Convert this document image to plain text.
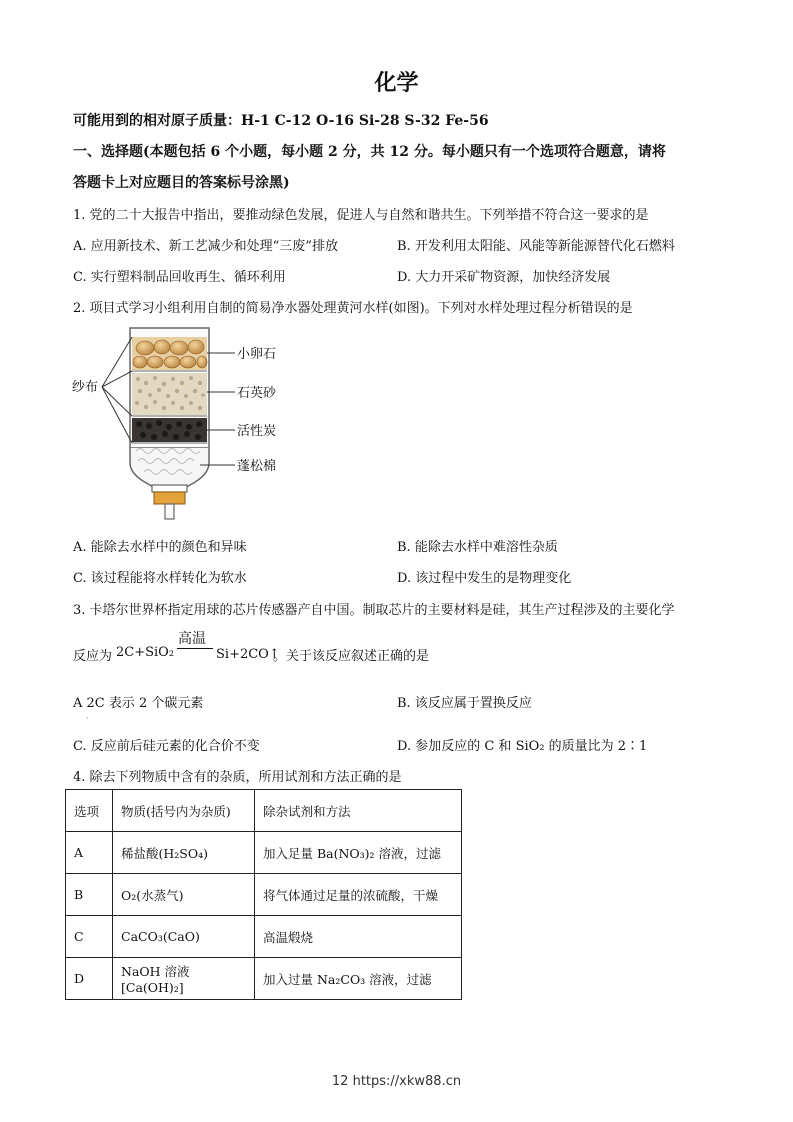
化学
可能用到的相对原子质量：H-1 C-12 O-16 Si-28 S-32 Fe-56
一、选择题(本题包括 6 个小题，每小题 2 分，共 12 分。每小题只有一个选项符合题意，请将
答题卡上对应题目的答案标号涂黑)
1. 党的二十大报告中指出，要推动绿色发展，促进人与自然和谐共生。下列举措不符合这一要求的是
A. 应用新技术、新工艺减少和处理“三废”排放	B. 开发利用太阳能、风能等新能源替代化石燃料
C. 实行塑料制品回收再生、循环利用	D. 大力开采矿物资源，加快经济发展
2. 项目式学习小组利用自制的简易净水器处理黄河水样(如图)。下列对水样处理过程分析错误的是
纱布
小卵石
石英砂
活性炭
蓬松棉
A. 能除去水样中的颜色和异味	B. 能除去水样中难溶性杂质
C. 该过程能将水样转化为软水	D. 该过程中发生的是物理变化
3. 卡塔尔世界杯指定用球的芯片传感器产自中国。制取芯片的主要材料是硅，其生产过程涉及的主要化学
反应为 2C+SiO₂
高温
Si+2CO↑
。关于该反应叙述正确的是
A 2C 表示 2 个碳元素
·
B. 该反应属于置换反应
C. 反应前后硅元素的化合价不变	D. 参加反应的 C 和 SiO₂ 的质量比为 2∶1
4. 除去下列物质中含有的杂质，所用试剂和方法正确的是
选项	物质(括号内为杂质)	除杂试剂和方法
A	稀盐酸(H₂SO₄)	加入足量 Ba(NO₃)₂ 溶液，过滤
B	O₂(水蒸气)	将气体通过足量的浓硫酸，干燥
C	CaCO₃(CaO)	高温煅烧
D	NaOH 溶液[Ca(OH)₂]	加入过量 Na₂CO₃ 溶液，过滤
12 https://xkw88.cn
